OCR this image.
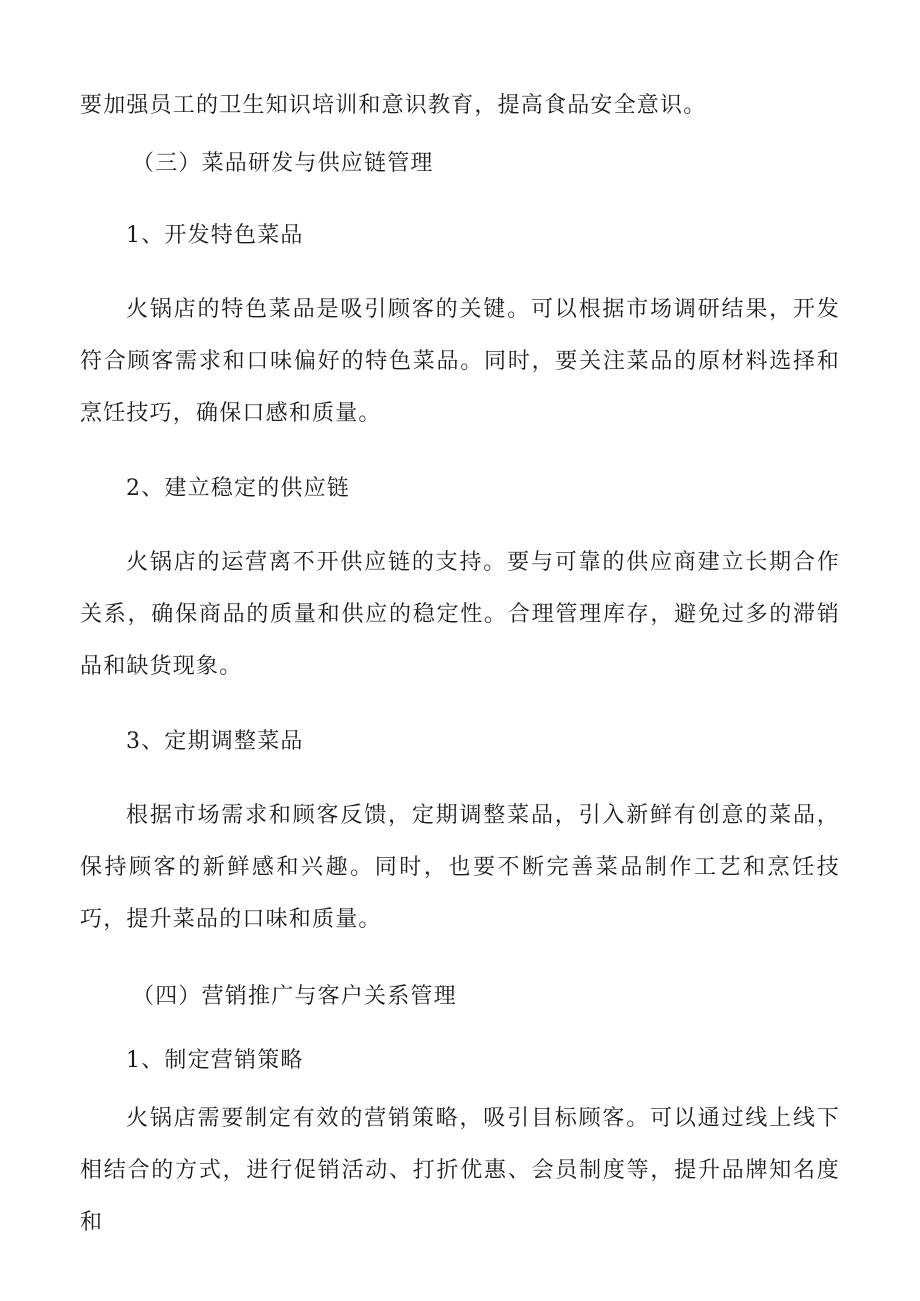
要加强员工的卫生知识培训和意识教育，提高食品安全意识。
（三）菜品研发与供应链管理
1、开发特色菜品
火锅店的特色菜品是吸引顾客的关键。可以根据市场调研结果，开发符合顾客需求和口味偏好的特色菜品。同时，要关注菜品的原材料选择和烹饪技巧，确保口感和质量。
2、建立稳定的供应链
火锅店的运营离不开供应链的支持。要与可靠的供应商建立长期合作关系，确保商品的质量和供应的稳定性。合理管理库存，避免过多的滞销品和缺货现象。
3、定期调整菜品
根据市场需求和顾客反馈，定期调整菜品，引入新鲜有创意的菜品，保持顾客的新鲜感和兴趣。同时，也要不断完善菜品制作工艺和烹饪技巧，提升菜品的口味和质量。
（四）营销推广与客户关系管理
1、制定营销策略
火锅店需要制定有效的营销策略，吸引目标顾客。可以通过线上线下相结合的方式，进行促销活动、打折优惠、会员制度等，提升品牌知名度和
